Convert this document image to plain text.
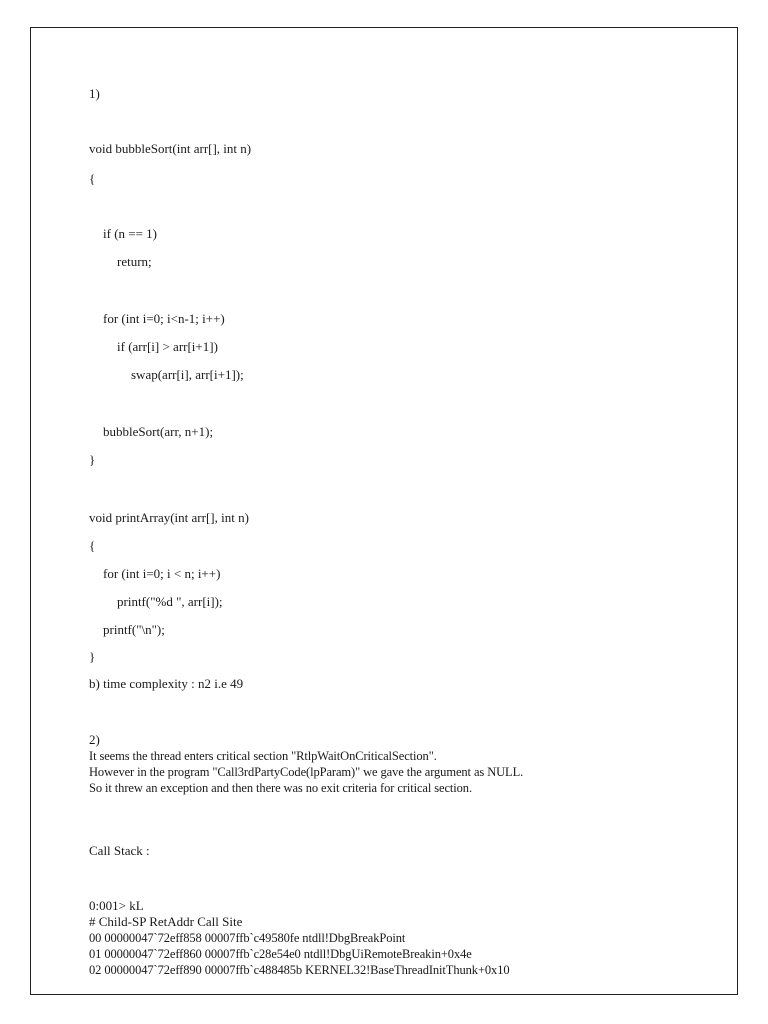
1)
void bubbleSort(int arr[], int n)
{
if (n == 1)
return;
for (int i=0; i<n-1; i++)
if (arr[i] > arr[i+1])
swap(arr[i], arr[i+1]);
bubbleSort(arr, n+1);
}
void printArray(int arr[], int n)
{
for (int i=0; i < n; i++)
printf("%d ", arr[i]);
printf("\n");
}
b) time complexity : n2 i.e 49
2)
It seems the thread enters critical section "RtlpWaitOnCriticalSection".
However in the program "Call3rdPartyCode(lpParam)" we gave the argument as NULL.
So it threw an exception and then there was no exit criteria for critical section.
Call Stack :
0:001> kL
# Child-SP RetAddr Call Site
00 00000047`72eff858 00007ffb`c49580fe ntdll!DbgBreakPoint
01 00000047`72eff860 00007ffb`c28e54e0 ntdll!DbgUiRemoteBreakin+0x4e
02 00000047`72eff890 00007ffb`c488485b KERNEL32!BaseThreadInitThunk+0x10
